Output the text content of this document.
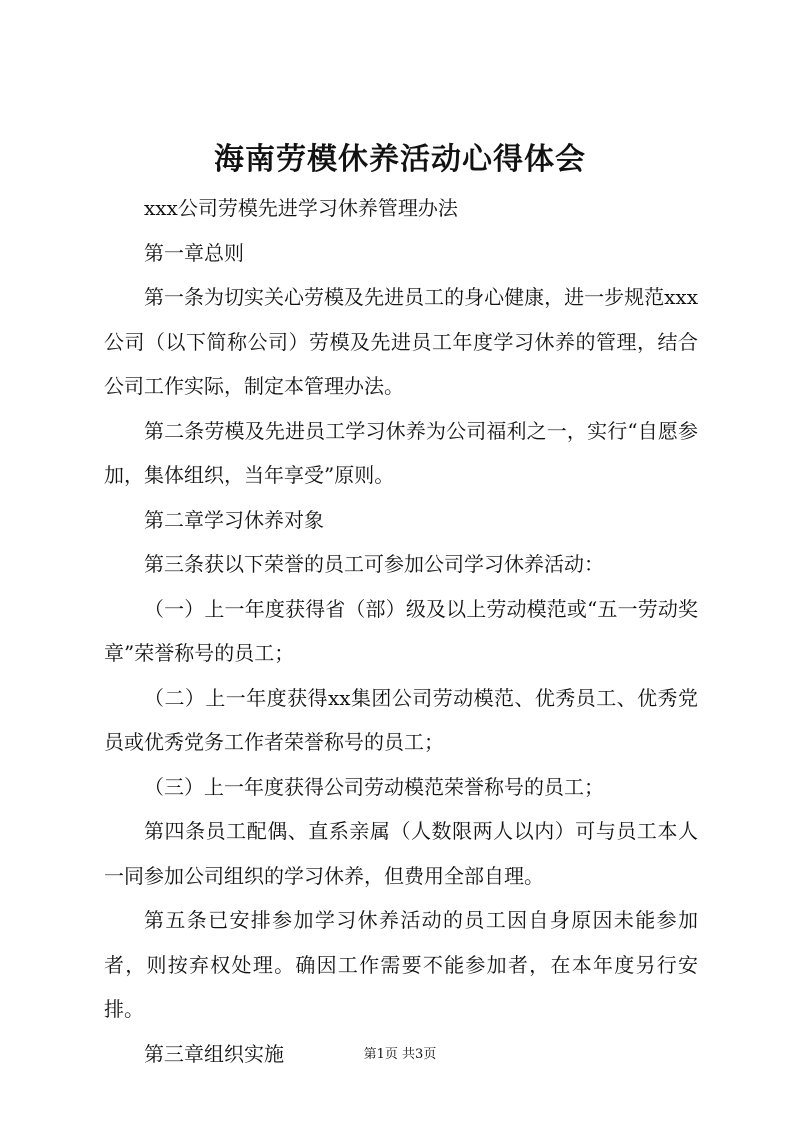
海南劳模休养活动心得体会

xxx公司劳模先进学习休养管理办法

第一章总则

第一条为切实关心劳模及先进员工的身心健康，进一步规范xxx公司（以下简称公司）劳模及先进员工年度学习休养的管理，结合公司工作实际，制定本管理办法。

第二条劳模及先进员工学习休养为公司福利之一，实行“自愿参加，集体组织，当年享受”原则。

第二章学习休养对象

第三条获以下荣誉的员工可参加公司学习休养活动：

（一）上一年度获得省（部）级及以上劳动模范或“五一劳动奖章”荣誉称号的员工；

（二）上一年度获得xx集团公司劳动模范、优秀员工、优秀党员或优秀党务工作者荣誉称号的员工；

（三）上一年度获得公司劳动模范荣誉称号的员工；

第四条员工配偶、直系亲属（人数限两人以内）可与员工本人一同参加公司组织的学习休养，但费用全部自理。

第五条已安排参加学习休养活动的员工因自身原因未能参加者，则按弃权处理。确因工作需要不能参加者，在本年度另行安排。

第三章组织实施	第1页 共3页
